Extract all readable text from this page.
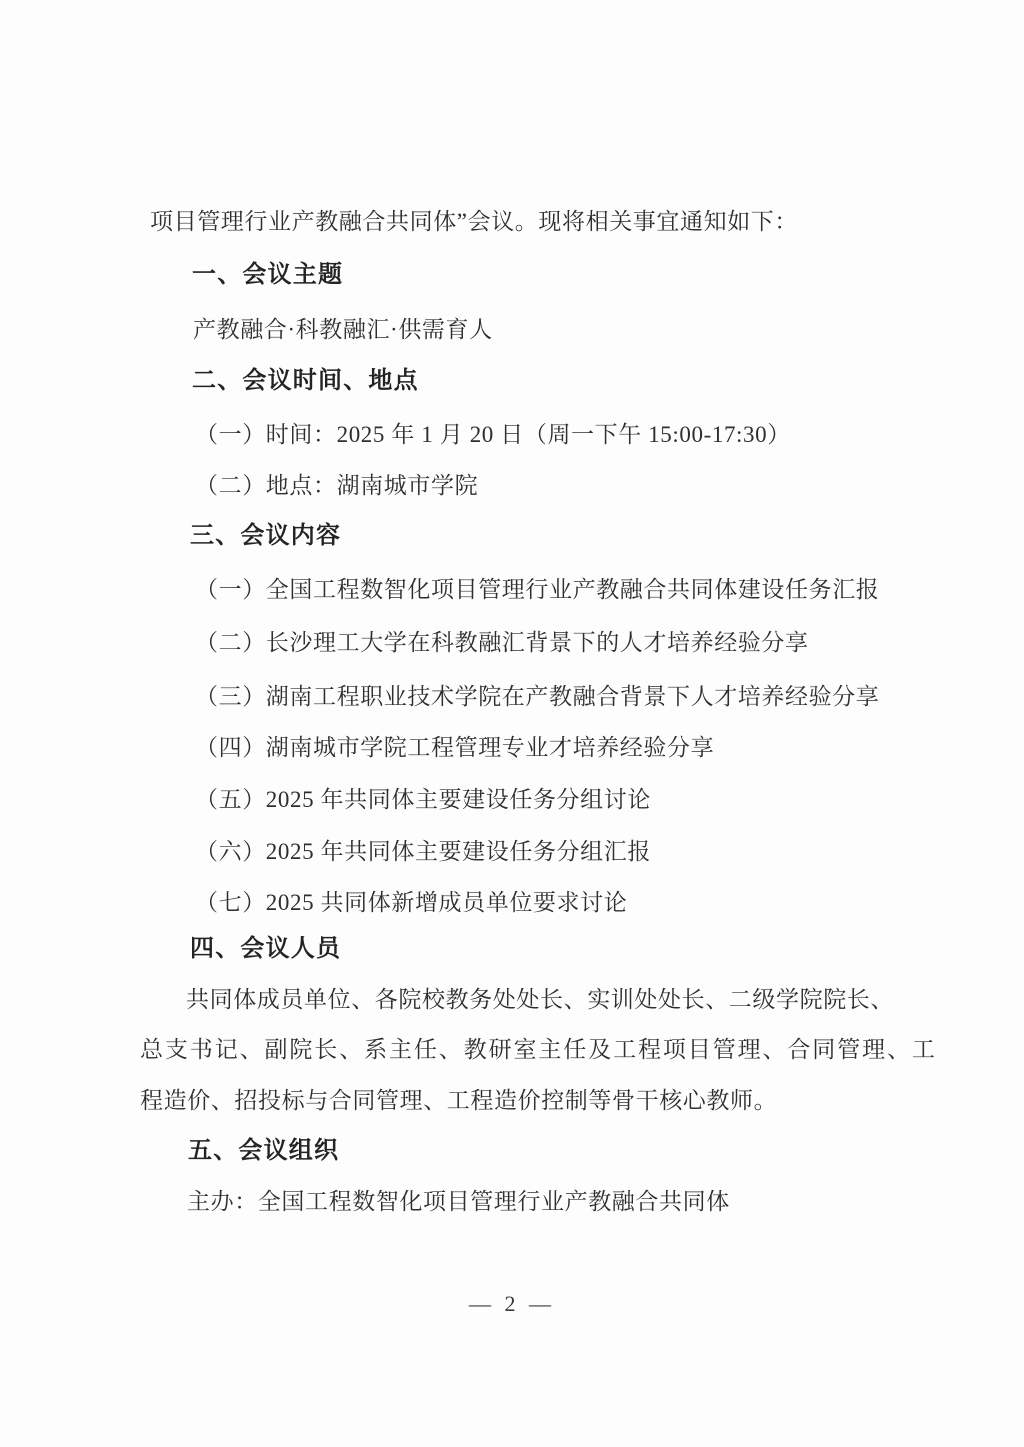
项目管理行业产教融合共同体”会议。现将相关事宜通知如下：
一、会议主题
产教融合·科教融汇·供需育人
二、会议时间、地点
（一）时间：2025 年 1 月 20 日（周一下午 15:00-17:30）
（二）地点：湖南城市学院
三、会议内容
（一）全国工程数智化项目管理行业产教融合共同体建设任务汇报
（二）长沙理工大学在科教融汇背景下的人才培养经验分享
（三）湖南工程职业技术学院在产教融合背景下人才培养经验分享
（四）湖南城市学院工程管理专业才培养经验分享
（五）2025 年共同体主要建设任务分组讨论
（六）2025 年共同体主要建设任务分组汇报
（七）2025 共同体新增成员单位要求讨论
四、会议人员
共同体成员单位、各院校教务处处长、实训处处长、二级学院院长、
总支书记、副院长、系主任、教研室主任及工程项目管理、合同管理、工
程造价、招投标与合同管理、工程造价控制等骨干核心教师。
五、会议组织
主办：全国工程数智化项目管理行业产教融合共同体
— 2 —
